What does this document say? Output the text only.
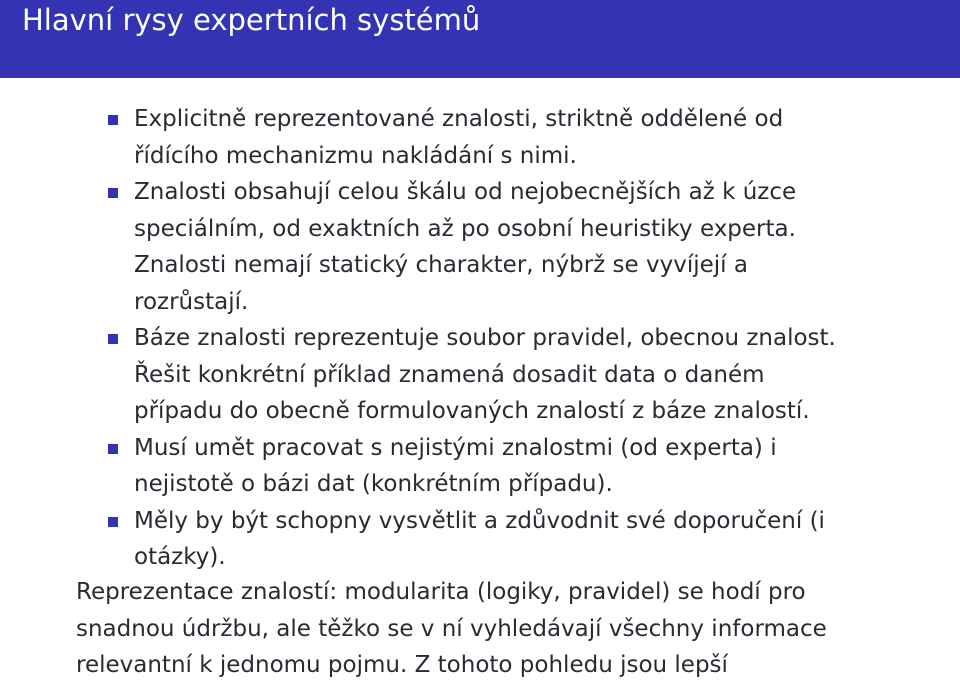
Hlavní rysy expertních systémů
Explicitně reprezentované znalosti, striktně oddělené od
řídícího mechanizmu nakládání s nimi.
Znalosti obsahují celou škálu od nejobecnějších až k úzce
speciálním, od exaktních až po osobní heuristiky experta.
Znalosti nemají statický charakter, nýbrž se vyvíjejí a
rozrůstají.
Báze znalosti reprezentuje soubor pravidel, obecnou znalost.
Řešit konkrétní příklad znamená dosadit data o daném
případu do obecně formulovaných znalostí z báze znalostí.
Musí umět pracovat s nejistými znalostmi (od experta) i
nejistotě o bázi dat (konkrétním případu).
Měly by být schopny vysvětlit a zdůvodnit své doporučení (i
otázky).
Reprezentace znalostí: modularita (logiky, pravidel) se hodí pro
snadnou údržbu, ale těžko se v ní vyhledávají všechny informace
relevantní k jednomu pojmu. Z tohoto pohledu jsou lepší
